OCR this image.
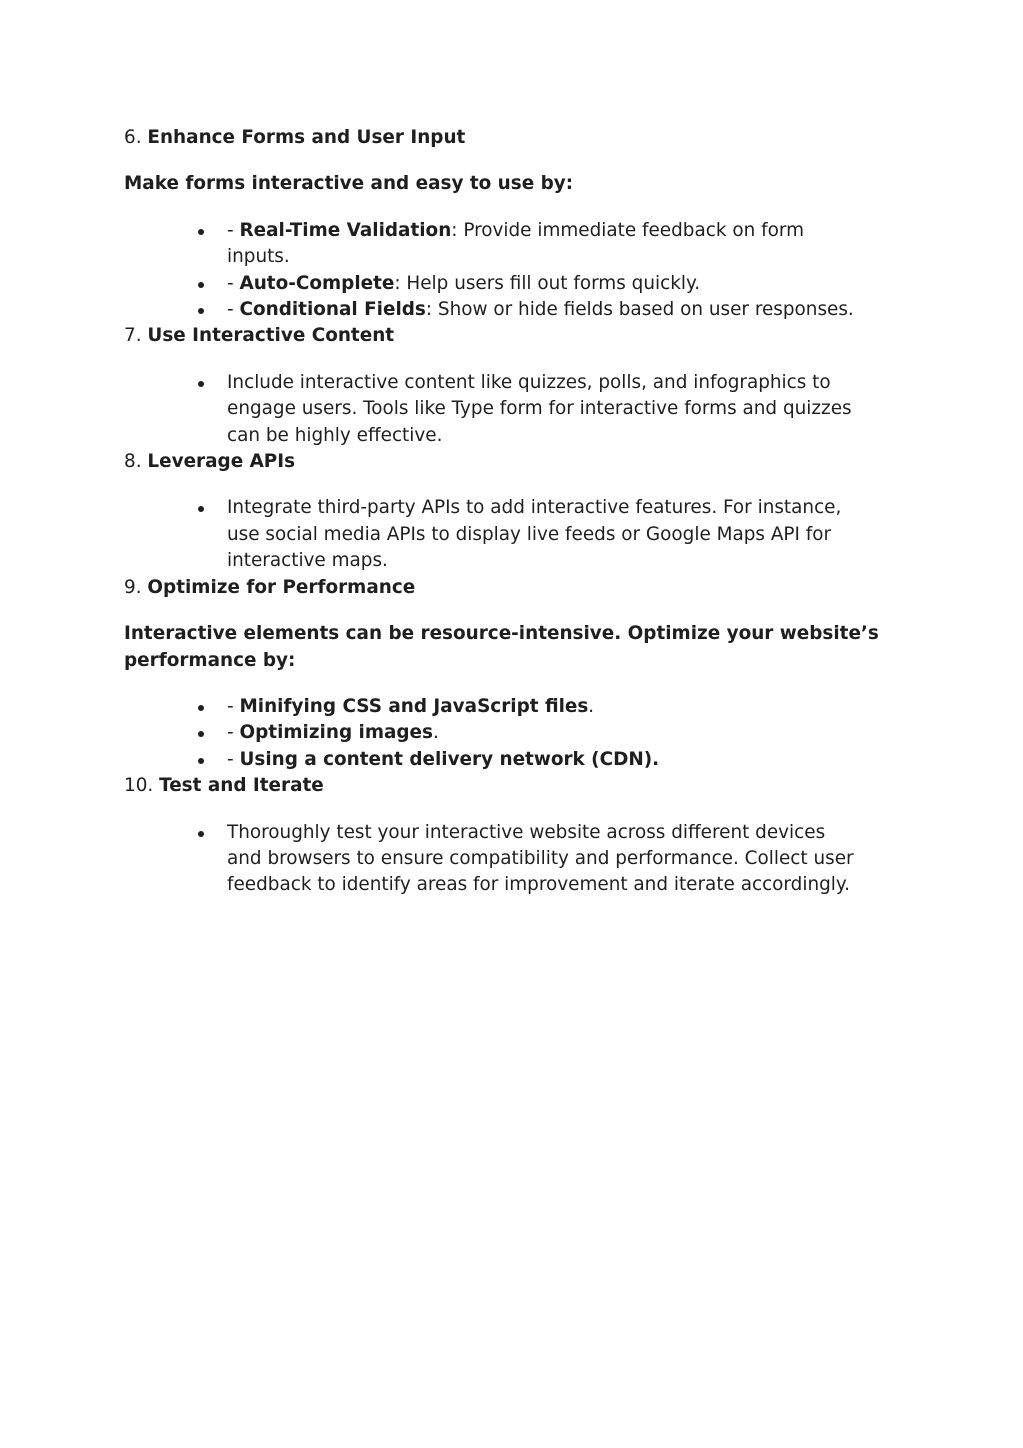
6. Enhance Forms and User Input

Make forms interactive and easy to use by:

- Real-Time Validation: Provide immediate feedback on form inputs.
- Auto-Complete: Help users fill out forms quickly.
- Conditional Fields: Show or hide fields based on user responses.

7. Use Interactive Content

Include interactive content like quizzes, polls, and infographics to engage users. Tools like Type form for interactive forms and quizzes can be highly effective.

8. Leverage APIs

Integrate third-party APIs to add interactive features. For instance, use social media APIs to display live feeds or Google Maps API for interactive maps.

9. Optimize for Performance

Interactive elements can be resource-intensive. Optimize your website’s performance by:

- Minifying CSS and JavaScript files.
- Optimizing images.
- Using a content delivery network (CDN).

10. Test and Iterate

Thoroughly test your interactive website across different devices and browsers to ensure compatibility and performance. Collect user feedback to identify areas for improvement and iterate accordingly.
